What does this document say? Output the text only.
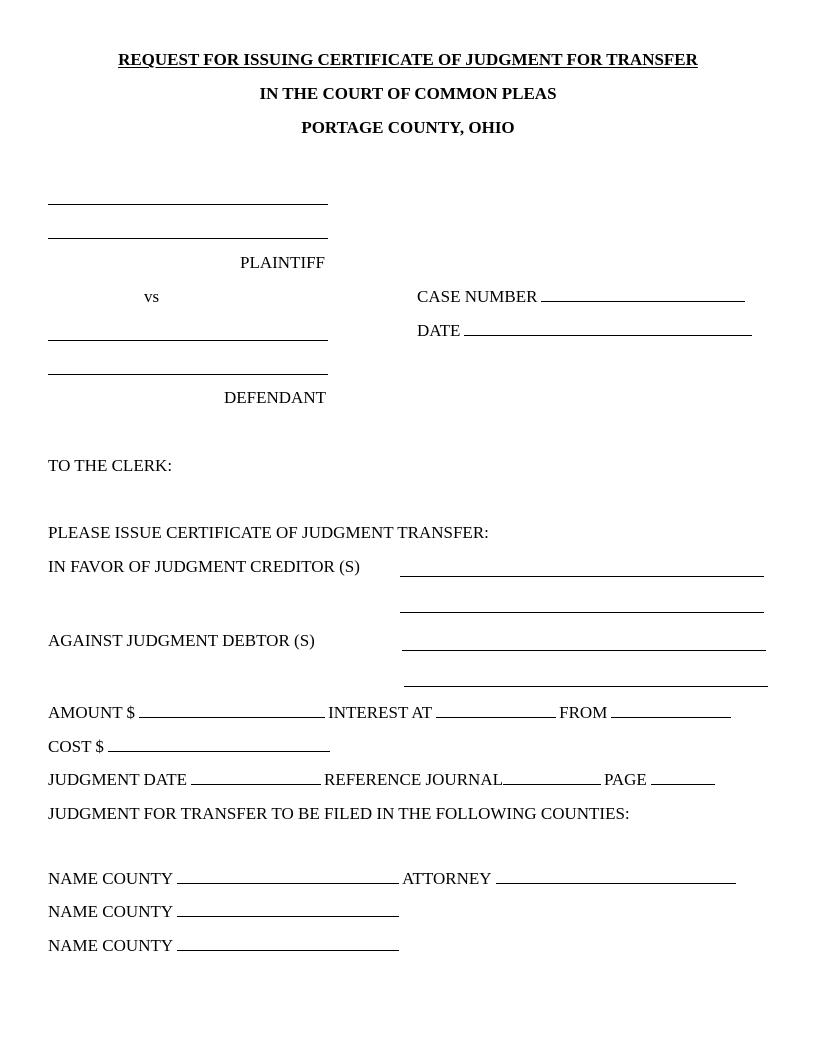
REQUEST FOR ISSUING CERTIFICATE OF JUDGMENT FOR TRANSFER
IN THE COURT OF COMMON PLEAS
PORTAGE COUNTY, OHIO
PLAINTIFF
vs	CASE NUMBER
DATE
DEFENDANT
TO THE CLERK:
PLEASE ISSUE CERTIFICATE OF JUDGMENT TRANSFER:
IN FAVOR OF JUDGMENT CREDITOR (S)
AGAINST JUDGMENT DEBTOR (S)
AMOUNT $	INTEREST AT	FROM
COST $
JUDGMENT DATE	REFERENCE JOURNAL	PAGE
JUDGMENT FOR TRANSFER TO BE FILED IN THE FOLLOWING COUNTIES:
NAME COUNTY	ATTORNEY
NAME COUNTY
NAME COUNTY
